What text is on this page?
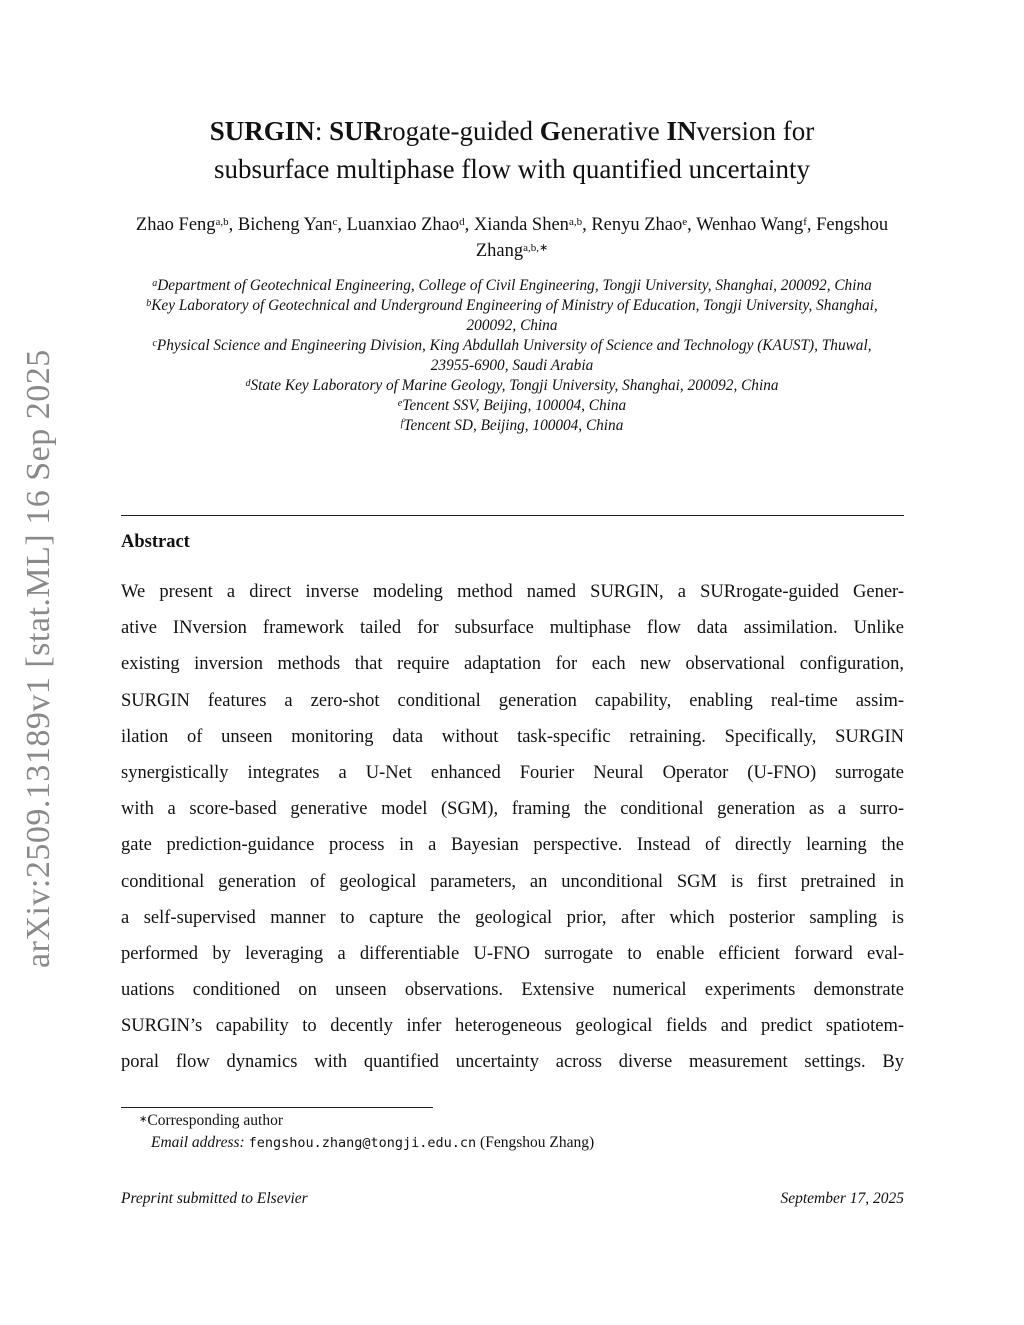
arXiv:2509.13189v1 [stat.ML] 16 Sep 2025
SURGIN: SURrogate-guided Generative INversion for
subsurface multiphase flow with quantified uncertainty
Zhao Feng$^{a,b}$, Bicheng Yan$^c$, Luanxiao Zhao$^d$, Xianda Shen$^{a,b}$, Renyu Zhao$^e$, Wenhao Wang$^f$, Fengshou Zhang$^{a,b,∗}$
$^a$Department of Geotechnical Engineering, College of Civil Engineering, Tongji University, Shanghai, 200092, China
$^b$Key Laboratory of Geotechnical and Underground Engineering of Ministry of Education, Tongji University, Shanghai, 200092, China
$^c$Physical Science and Engineering Division, King Abdullah University of Science and Technology (KAUST), Thuwal, 23955-6900, Saudi Arabia
$^d$State Key Laboratory of Marine Geology, Tongji University, Shanghai, 200092, China
$^e$Tencent SSV, Beijing, 100004, China
$^f$Tencent SD, Beijing, 100004, China
Abstract
We present a direct inverse modeling method named SURGIN, a SURrogate-guided Gener-
ative INversion framework tailed for subsurface multiphase flow data assimilation. Unlike
existing inversion methods that require adaptation for each new observational configuration,
SURGIN features a zero-shot conditional generation capability, enabling real-time assim-
ilation of unseen monitoring data without task-specific retraining. Specifically, SURGIN
synergistically integrates a U-Net enhanced Fourier Neural Operator (U-FNO) surrogate
with a score-based generative model (SGM), framing the conditional generation as a surro-
gate prediction-guidance process in a Bayesian perspective. Instead of directly learning the
conditional generation of geological parameters, an unconditional SGM is first pretrained in
a self-supervised manner to capture the geological prior, after which posterior sampling is
performed by leveraging a differentiable U-FNO surrogate to enable efficient forward eval-
uations conditioned on unseen observations. Extensive numerical experiments demonstrate
SURGIN’s capability to decently infer heterogeneous geological fields and predict spatiotem-
poral flow dynamics with quantified uncertainty across diverse measurement settings. By
∗Corresponding author
Email address: fengshou.zhang@tongji.edu.cn (Fengshou Zhang)
Preprint submitted to Elsevier	September 17, 2025
